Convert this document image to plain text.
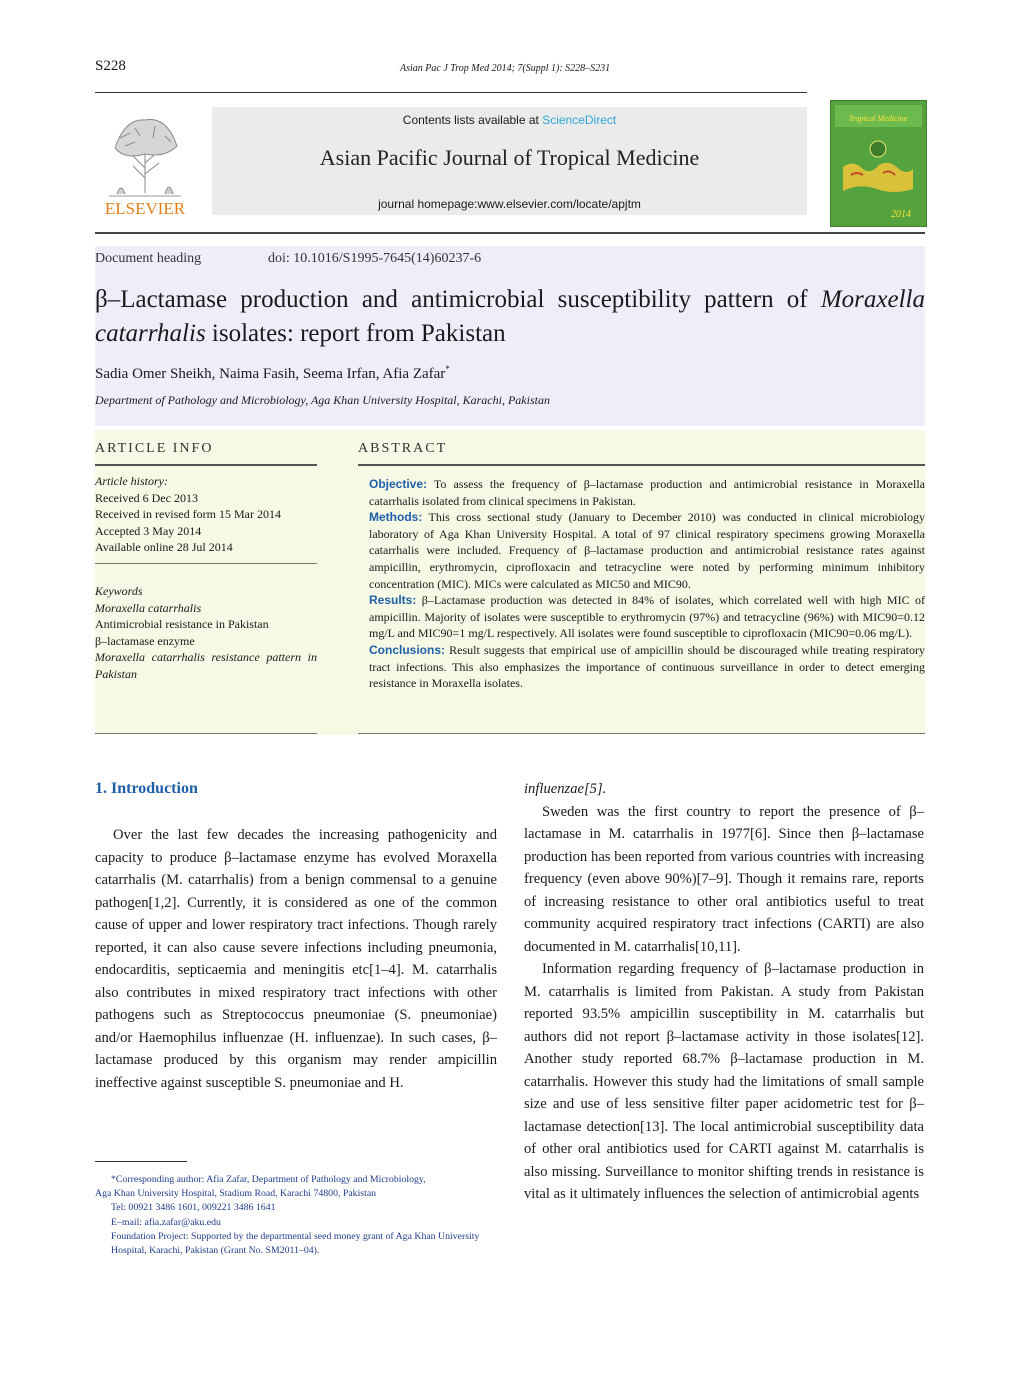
S228	Asian Pac J Trop Med 2014; 7(Suppl 1): S228–S231
ELSEVIER
Contents lists available at ScienceDirect
Asian Pacific Journal of Tropical Medicine
journal homepage:www.elsevier.com/locate/apjtm
Tropical Medicine
2014
Document heading	doi: 10.1016/S1995-7645(14)60237-6
β–Lactamase production and antimicrobial susceptibility pattern of Moraxella catarrhalis isolates: report from Pakistan
Sadia Omer Sheikh, Naima Fasih, Seema Irfan, Afia Zafar*
Department of Pathology and Microbiology, Aga Khan University Hospital, Karachi, Pakistan
ARTICLE INFO	ABSTRACT
Article history:
Received 6 Dec 2013
Received in revised form 15 Mar 2014
Accepted 3 May 2014
Available online 28 Jul 2014
Keywords
Moraxella catarrhalis
Antimicrobial resistance in Pakistan
β–lactamase enzyme
Moraxella catarrhalis resistance pattern in Pakistan

Objective: To assess the frequency of β–lactamase production and antimicrobial resistance in Moraxella catarrhalis isolated from clinical specimens in Pakistan.

Methods: This cross sectional study (January to December 2010) was conducted in clinical microbiology laboratory of Aga Khan University Hospital. A total of 97 clinical respiratory specimens growing Moraxella catarrhalis were included. Frequency of β–lactamase production and antimicrobial resistance rates against ampicillin, erythromycin, ciprofloxacin and tetracycline were noted by performing minimum inhibitory concentration (MIC). MICs were calculated as MIC50 and MIC90.

Results: β–Lactamase production was detected in 84% of isolates, which correlated well with high MIC of ampicillin. Majority of isolates were susceptible to erythromycin (97%) and tetracycline (96%) with MIC90=0.12 mg/L and MIC90=1 mg/L respectively. All isolates were found susceptible to ciprofloxacin (MIC90=0.06 mg/L).

Conclusions: Result suggests that empirical use of ampicillin should be discouraged while treating respiratory tract infections. This also emphasizes the importance of continuous surveillance in order to detect emerging resistance in Moraxella isolates.

1. Introduction

Over the last few decades the increasing pathogenicity and capacity to produce β–lactamase enzyme has evolved Moraxella catarrhalis (M. catarrhalis) from a benign commensal to a genuine pathogen[1,2]. Currently, it is considered as one of the common cause of upper and lower respiratory tract infections. Though rarely reported, it can also cause severe infections including pneumonia, endocarditis, septicaemia and meningitis etc[1–4]. M. catarrhalis also contributes in mixed respiratory tract infections with other pathogens such as Streptococcus pneumoniae (S. pneumoniae) and/or Haemophilus influenzae (H. influenzae). In such cases, β–lactamase produced by this organism may render ampicillin ineffective against susceptible S. pneumoniae and H.

influenzae[5].

Sweden was the first country to report the presence of β–lactamase in M. catarrhalis in 1977[6]. Since then β–lactamase production has been reported from various countries with increasing frequency (even above 90%)[7–9]. Though it remains rare, reports of increasing resistance to other oral antibiotics useful to treat community acquired respiratory tract infections (CARTI) are also documented in M. catarrhalis[10,11].

Information regarding frequency of β–lactamase production in M. catarrhalis is limited from Pakistan. A study from Pakistan reported 93.5% ampicillin susceptibility in M. catarrhalis but authors did not report β–lactamase activity in those isolates[12]. Another study reported 68.7% β–lactamase production in M. catarrhalis. However this study had the limitations of small sample size and use of less sensitive filter paper acidometric test for β–lactamase detection[13]. The local antimicrobial susceptibility data of other oral antibiotics used for CARTI against M. catarrhalis is also missing. Surveillance to monitor shifting trends in resistance is vital as it ultimately influences the selection of antimicrobial agents

*Corresponding author: Afia Zafar, Department of Pathology and Microbiology,

Aga Khan University Hospital, Stadium Road, Karachi 74800, Pakistan

Tel: 00921 3486 1601, 009221 3486 1641

E–mail: afia.zafar@aku.edu

Foundation Project: Supported by the departmental seed money grant of Aga Khan University Hospital, Karachi, Pakistan (Grant No. SM2011–04).
